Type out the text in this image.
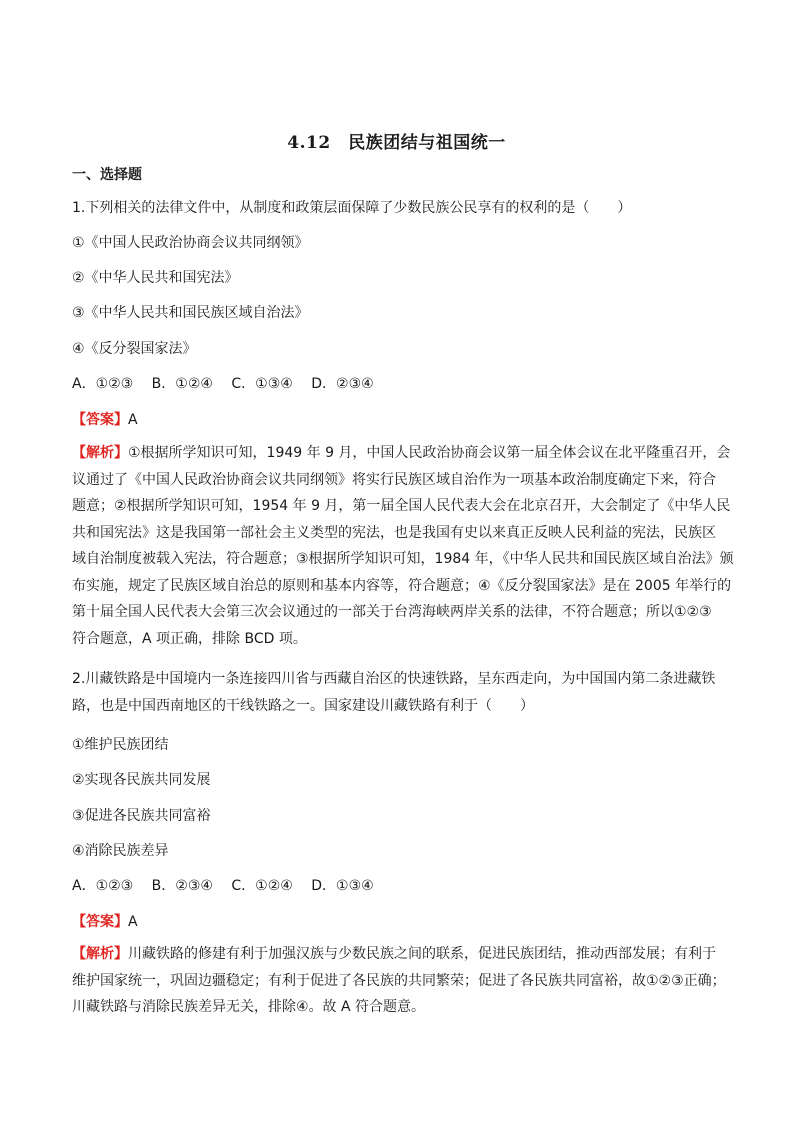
4.12　民族团结与祖国统一
一、选择题
1.下列相关的法律文件中，从制度和政策层面保障了少数民族公民享有的权利的是（　　）
①《中国人民政治协商会议共同纲领》
②《中华人民共和国宪法》
③《中华人民共和国民族区域自治法》
④《反分裂国家法》
A．①②③　 B．①②④　 C．①③④　 D．②③④
【答案】A
【解析】①根据所学知识可知，1949 年 9 月，中国人民政治协商会议第一届全体会议在北平隆重召开，会
议通过了《中国人民政治协商会议共同纲领》将实行民族区域自治作为一项基本政治制度确定下来，符合
题意；②根据所学知识可知，1954 年 9 月，第一届全国人民代表大会在北京召开，大会制定了《中华人民
共和国宪法》这是我国第一部社会主义类型的宪法，也是我国有史以来真正反映人民利益的宪法，民族区
域自治制度被载入宪法，符合题意；③根据所学知识可知，1984 年，《中华人民共和国民族区域自治法》颁
布实施，规定了民族区域自治总的原则和基本内容等，符合题意；④《反分裂国家法》是在 2005 年举行的
第十届全国人民代表大会第三次会议通过的一部关于台湾海峡两岸关系的法律，不符合题意；所以①②③
符合题意，A 项正确，排除 BCD 项。
2.川藏铁路是中国境内一条连接四川省与西藏自治区的快速铁路，呈东西走向，为中国国内第二条进藏铁
路，也是中国西南地区的干线铁路之一。国家建设川藏铁路有利于（　　）
①维护民族团结
②实现各民族共同发展
③促进各民族共同富裕
④消除民族差异
A．①②③　 B．②③④　 C．①②④　 D．①③④
【答案】A
【解析】川藏铁路的修建有利于加强汉族与少数民族之间的联系，促进民族团结，推动西部发展；有利于
维护国家统一，巩固边疆稳定；有利于促进了各民族的共同繁荣；促进了各民族共同富裕，故①②③正确；
川藏铁路与消除民族差异无关，排除④。故 A 符合题意。
